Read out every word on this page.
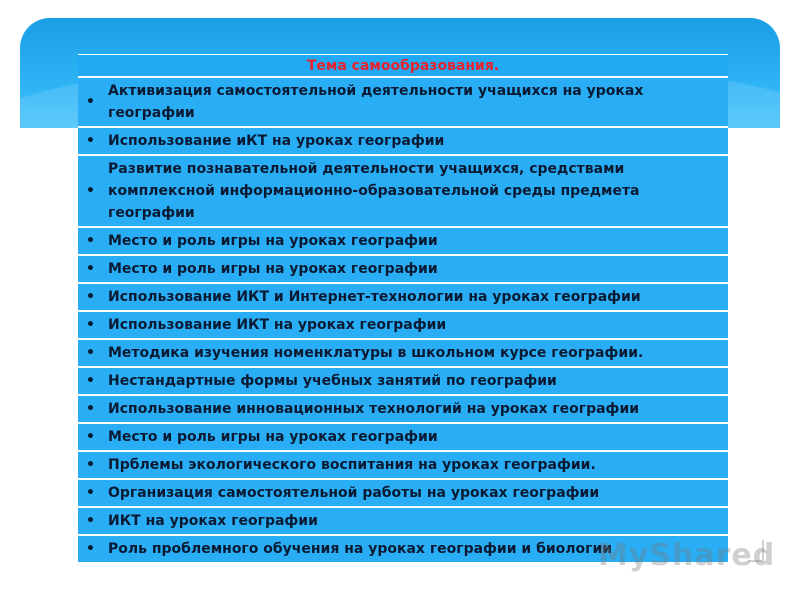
Тема самообразования.
•
Активизация самостоятельной деятельности учащихся на уроках географии
• Использование иКТ на уроках географии
•
Развитие познавательной деятельности учащихся, средствами комплексной информационно-образовательной среды предмета географии
• Место и роль игры на уроках географии
• Место и роль игры на уроках географии
• Использование ИКТ и Интернет-технологии на уроках географии
• Использование ИКТ на уроках географии
• Методика изучения номенклатуры в школьном курсе географии.
• Нестандартные формы учебных занятий по географии
• Использование инновационных технологий на уроках географии
• Место и роль игры на уроках географии
• Прблемы экологического воспитания на уроках географии.
• Организация самостоятельной работы на уроках географии
• ИКТ на уроках географии
• Роль проблемного обучения на уроках географии и биологии
MyShared
